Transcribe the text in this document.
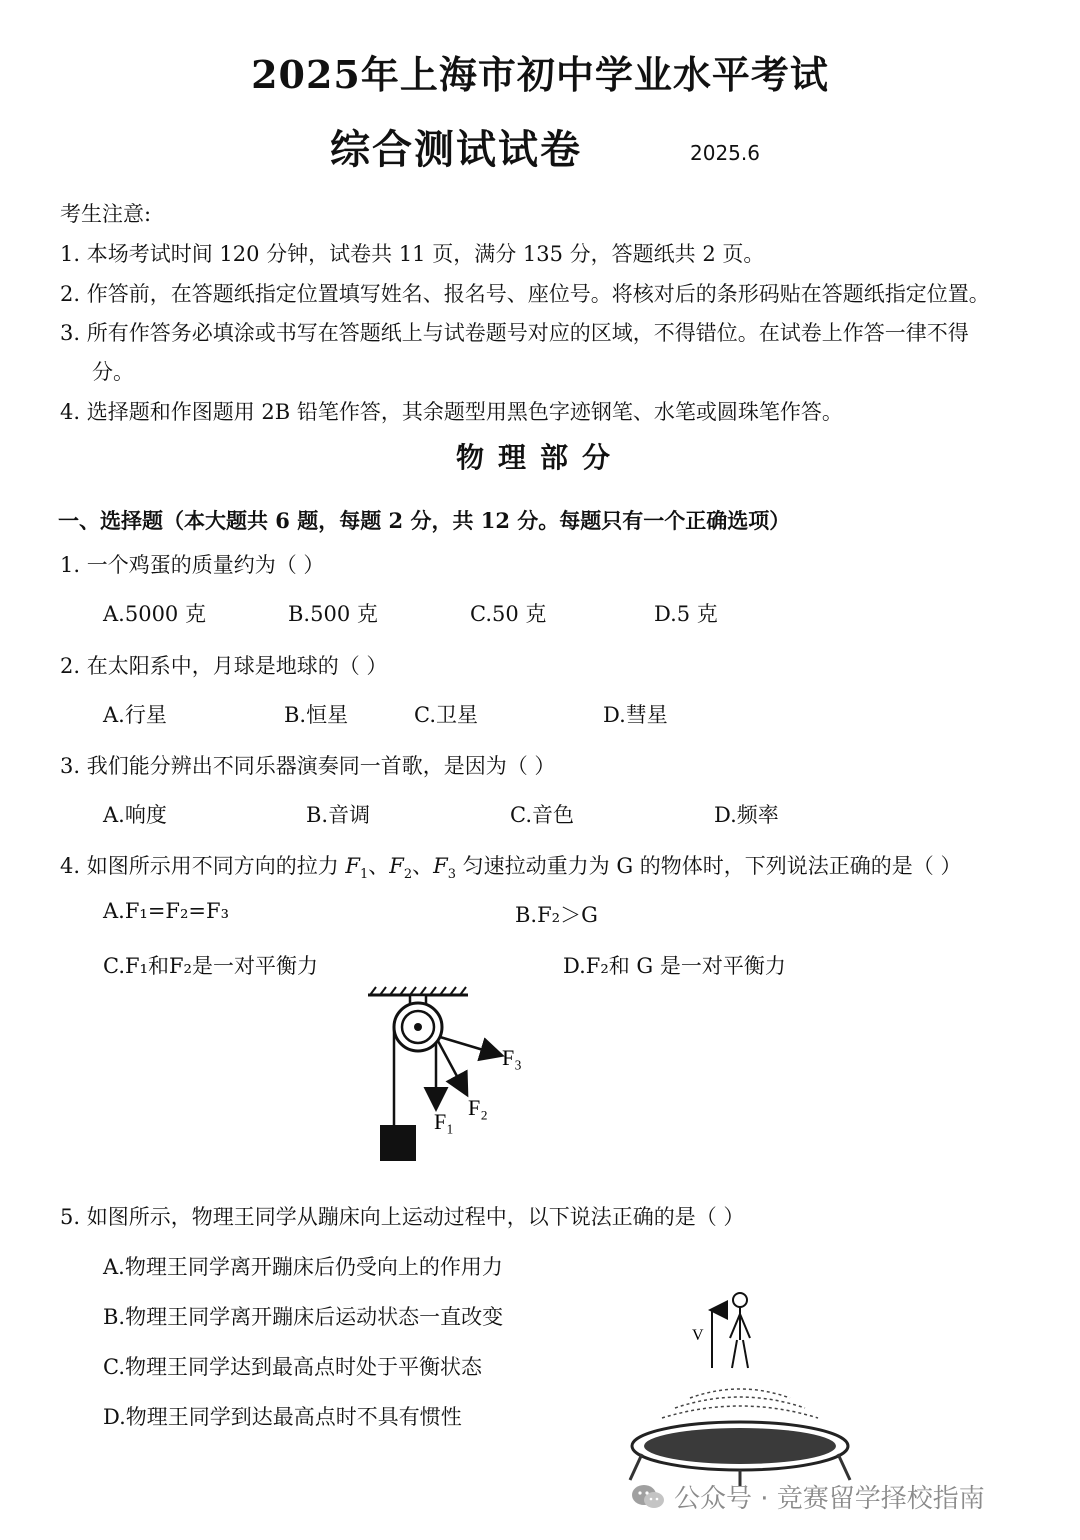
2025年上海市初中学业水平考试
综合测试试卷	2025.6
考生注意:
1. 本场考试时间 120 分钟，试卷共 11 页，满分 135 分，答题纸共 2 页。
2. 作答前，在答题纸指定位置填写姓名、报名号、座位号。将核对后的条形码贴在答题纸指定位置。
3. 所有作答务必填涂或书写在答题纸上与试卷题号对应的区域，不得错位。在试卷上作答一律不得
分。
4. 选择题和作图题用 2B 铅笔作答，其余题型用黑色字迹钢笔、水笔或圆珠笔作答。
物理部分
一、选择题（本大题共 6 题，每题 2 分，共 12 分。每题只有一个正确选项）
1. 一个鸡蛋的质量约为（ ）
A.5000 克	B.500 克	C.50 克	D.5 克
2. 在太阳系中，月球是地球的（ ）
A.行星	B.恒星	C.卫星	D.彗星
3. 我们能分辨出不同乐器演奏同一首歌，是因为（ ）
A.响度	B.音调	C.音色	D.频率
4. 如图所示用不同方向的拉力 $F_1$、$F_2$、$F_3$ 匀速拉动重力为 G 的物体时，下列说法正确的是（ ）
A.F₁=F₂=F₃	B.F₂＞G
C.F₁和F₂是一对平衡力	D.F₂和 G 是一对平衡力
F₁
F₂
F₃
5. 如图所示，物理王同学从蹦床向上运动过程中，以下说法正确的是（ ）
A.物理王同学离开蹦床后仍受向上的作用力
B.物理王同学离开蹦床后运动状态一直改变
C.物理王同学达到最高点时处于平衡状态
D.物理王同学到达最高点时不具有惯性
V
公众号 · 竞赛留学择校指南
